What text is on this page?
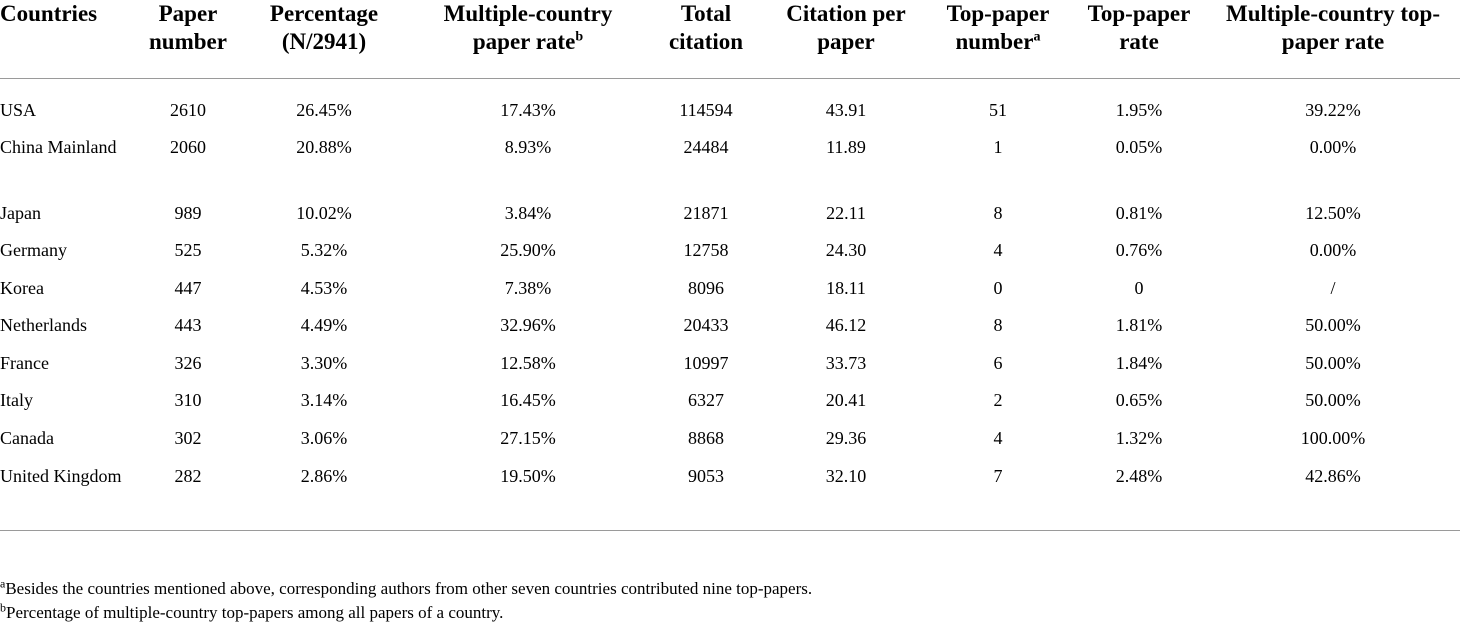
Countries	Paper number	Percentage (N/2941)	Multiple-country paper rate$^b$	Total citation	Citation per paper	Top-paper number$^a$	Top-paper rate	Multiple-country top-paper rate
USA	2610	26.45%	17.43%	114594	43.91	51	1.95%	39.22%
China Mainland	2060	20.88%	8.93%	24484	11.89	1	0.05%	0.00%
Japan	989	10.02%	3.84%	21871	22.11	8	0.81%	12.50%
Germany	525	5.32%	25.90%	12758	24.30	4	0.76%	0.00%
Korea	447	4.53%	7.38%	8096	18.11	0	0	/
Netherlands	443	4.49%	32.96%	20433	46.12	8	1.81%	50.00%
France	326	3.30%	12.58%	10997	33.73	6	1.84%	50.00%
Italy	310	3.14%	16.45%	6327	20.41	2	0.65%	50.00%
Canada	302	3.06%	27.15%	8868	29.36	4	1.32%	100.00%
United Kingdom	282	2.86%	19.50%	9053	32.10	7	2.48%	42.86%
$^a$Besides the countries mentioned above, corresponding authors from other seven countries contributed nine top-papers.
$^b$Percentage of multiple-country top-papers among all papers of a country.
